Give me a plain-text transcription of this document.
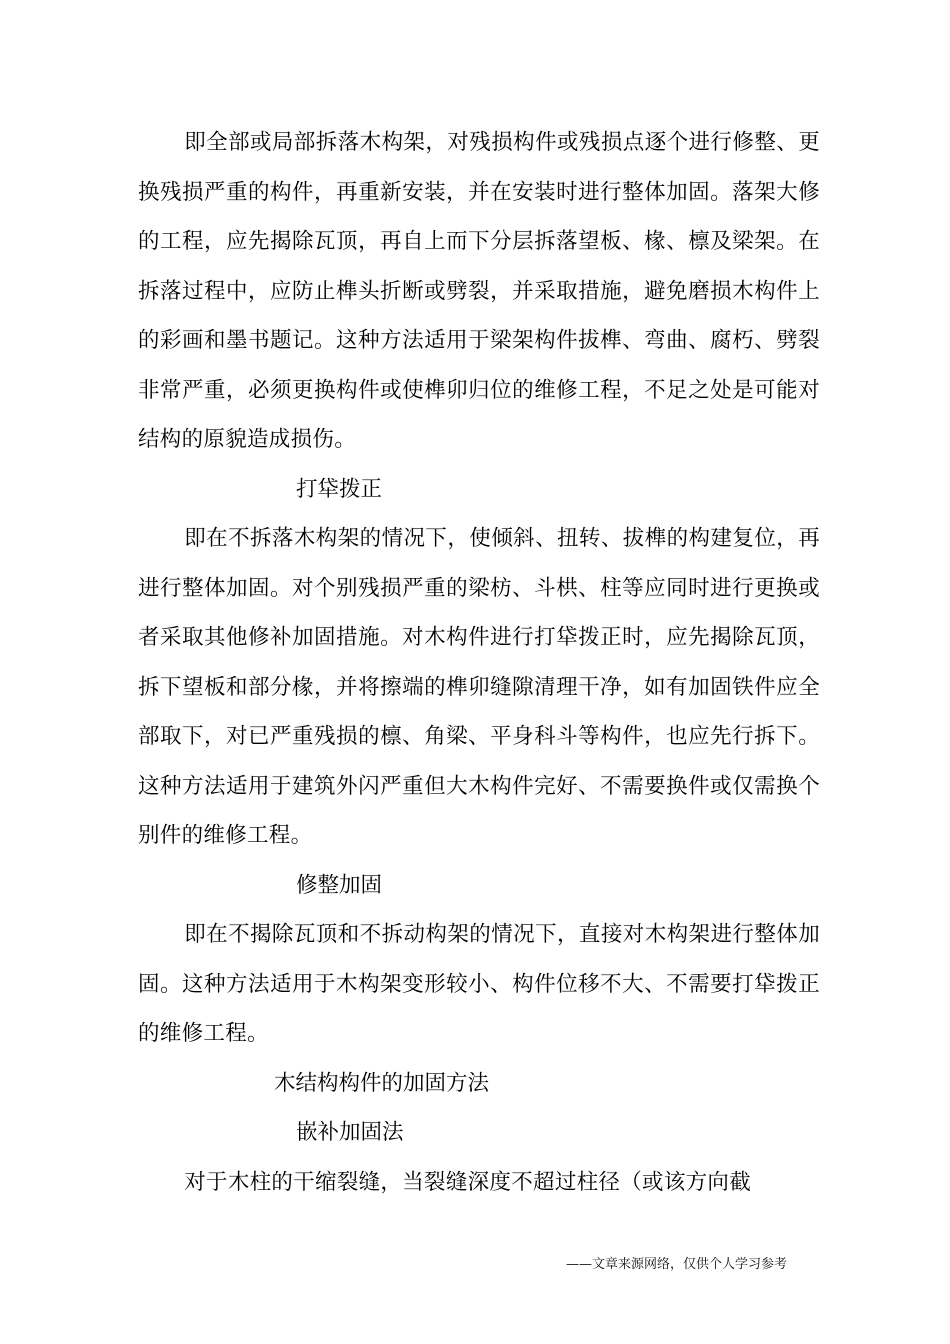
即全部或局部拆落木构架，对残损构件或残损点逐个进行修整、更换残损严重的构件，再重新安装，并在安装时进行整体加固。落架大修的工程，应先揭除瓦顶，再自上而下分层拆落望板、椽、檩及梁架。在拆落过程中，应防止榫头折断或劈裂，并采取措施，避免磨损木构件上的彩画和墨书题记。这种方法适用于梁架构件拔榫、弯曲、腐朽、劈裂非常严重，必须更换构件或使榫卯归位的维修工程，不足之处是可能对结构的原貌造成损伤。

打牮拨正

即在不拆落木构架的情况下，使倾斜、扭转、拔榫的构建复位，再进行整体加固。对个别残损严重的梁枋、斗栱、柱等应同时进行更换或者采取其他修补加固措施。对木构件进行打牮拨正时，应先揭除瓦顶，拆下望板和部分椽，并将擦端的榫卯缝隙清理干净，如有加固铁件应全部取下，对已严重残损的檩、角梁、平身科斗等构件，也应先行拆下。这种方法适用于建筑外闪严重但大木构件完好、不需要换件或仅需换个别件的维修工程。

修整加固

即在不揭除瓦顶和不拆动构架的情况下，直接对木构架进行整体加固。这种方法适用于木构架变形较小、构件位移不大、不需要打牮拨正的维修工程。

木结构构件的加固方法
嵌补加固法

对于木柱的干缩裂缝，当裂缝深度不超过柱径（或该方向截

——文章来源网络，仅供个人学习参考
